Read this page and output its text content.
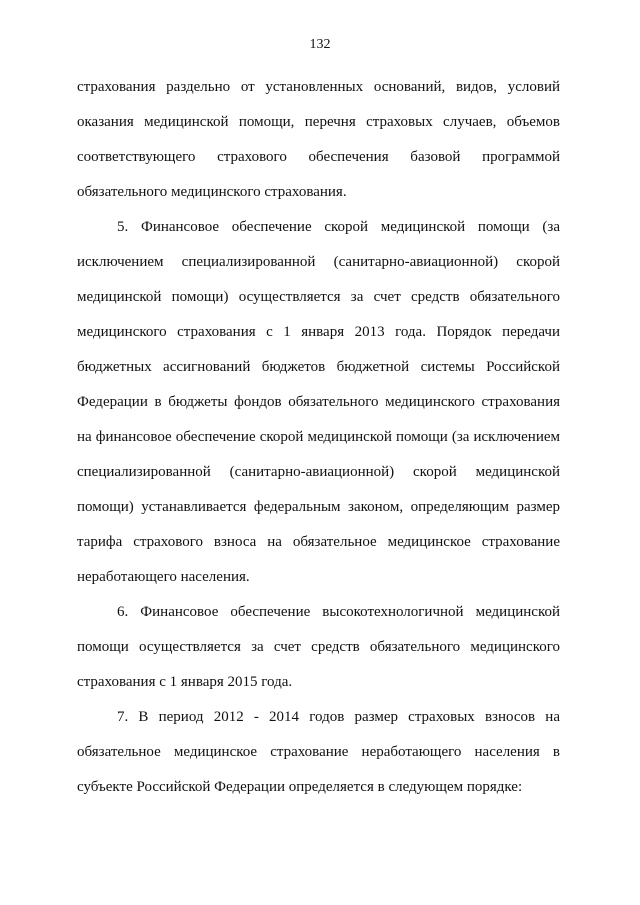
132
страхования раздельно от установленных оснований, видов, условий
оказания медицинской помощи, перечня страховых случаев, объемов
соответствующего страхового обеспечения базовой программой
обязательного медицинского страхования.
5. Финансовое обеспечение скорой медицинской помощи (за
исключением специализированной (санитарно-авиационной) скорой
медицинской помощи) осуществляется за счет средств обязательного
медицинского страхования с 1 января 2013 года. Порядок передачи
бюджетных ассигнований бюджетов бюджетной системы Российской
Федерации в бюджеты фондов обязательного медицинского страхования
на финансовое обеспечение скорой медицинской помощи (за исключением
специализированной (санитарно-авиационной) скорой медицинской
помощи) устанавливается федеральным законом, определяющим размер
тарифа страхового взноса на обязательное медицинское страхование
неработающего населения.
6. Финансовое обеспечение высокотехнологичной медицинской
помощи осуществляется за счет средств обязательного медицинского
страхования с 1 января 2015 года.
7. В период 2012 - 2014 годов размер страховых взносов на
обязательное медицинское страхование неработающего населения в
субъекте Российской Федерации определяется в следующем порядке:
